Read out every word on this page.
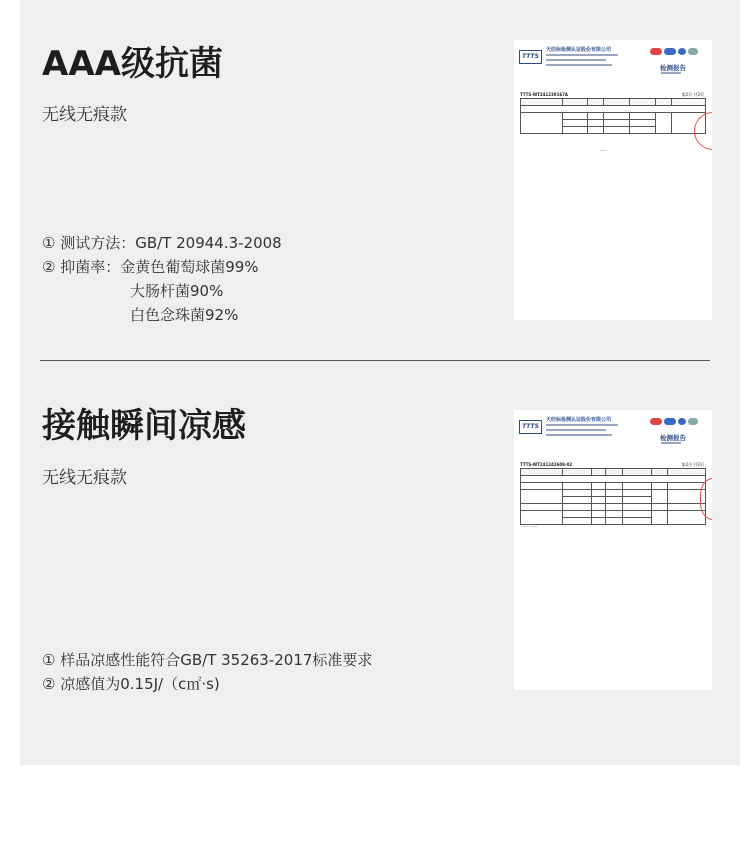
AAA级抗菌
无线无痕款
① 测试方法：GB/T 20944.3-2008
② 抑菌率：金黄色葡萄球菌99%
大肠杆菌90%
白色念珠菌92%
TTTS
天纺标检测认证股份有限公司
检测报告
TTTS-WT241230167A	第2页 共2页

——
接触瞬间凉感
无线无痕款
① 样品凉感性能符合GB/T 35263-2017标准要求
② 凉感值为0.15J/（c㎡·s)
TTTS
天纺标检测认证股份有限公司
检测报告
TTTS-WT241242608-02	第2页 共2页

—— ——
